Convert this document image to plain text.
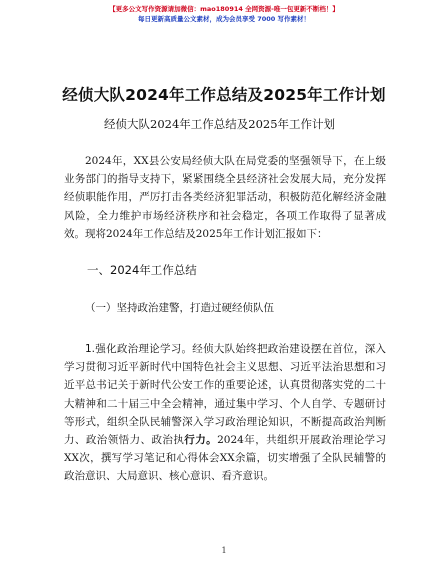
【更多公文写作资源请加微信：mao180914 全网资源-唯一包更新不断档！】
每日更新高质量公文素材，成为会员享受 7000 写作素材！
经侦大队2024年工作总结及2025年工作计划
经侦大队2024年工作总结及2025年工作计划

2024年，XX县公安局经侦大队在局党委的坚强领导下，在上级业务部门的指导支持下，紧紧围绕全县经济社会发展大局，充分发挥经侦职能作用，严厉打击各类经济犯罪活动，积极防范化解经济金融风险，全力维护市场经济秩序和社会稳定，各项工作取得了显著成效。现将2024年工作总结及2025年工作计划汇报如下：

一、2024年工作总结
（一）坚持政治建警，打造过硬经侦队伍

1.强化政治理论学习。经侦大队始终把政治建设摆在首位，深入学习贯彻习近平新时代中国特色社会主义思想、习近平法治思想和习近平总书记关于新时代公安工作的重要论述，认真贯彻落实党的二十大精神和二十届三中全会精神，通过集中学习、个人自学、专题研讨等形式，组织全队民辅警深入学习政治理论知识，不断提高政治判断力、政治领悟力、政治执行力。2024年，共组织开展政治理论学习XX次，撰写学习笔记和心得体会XX余篇，切实增强了全队民辅警的政治意识、大局意识、核心意识、看齐意识。

1
